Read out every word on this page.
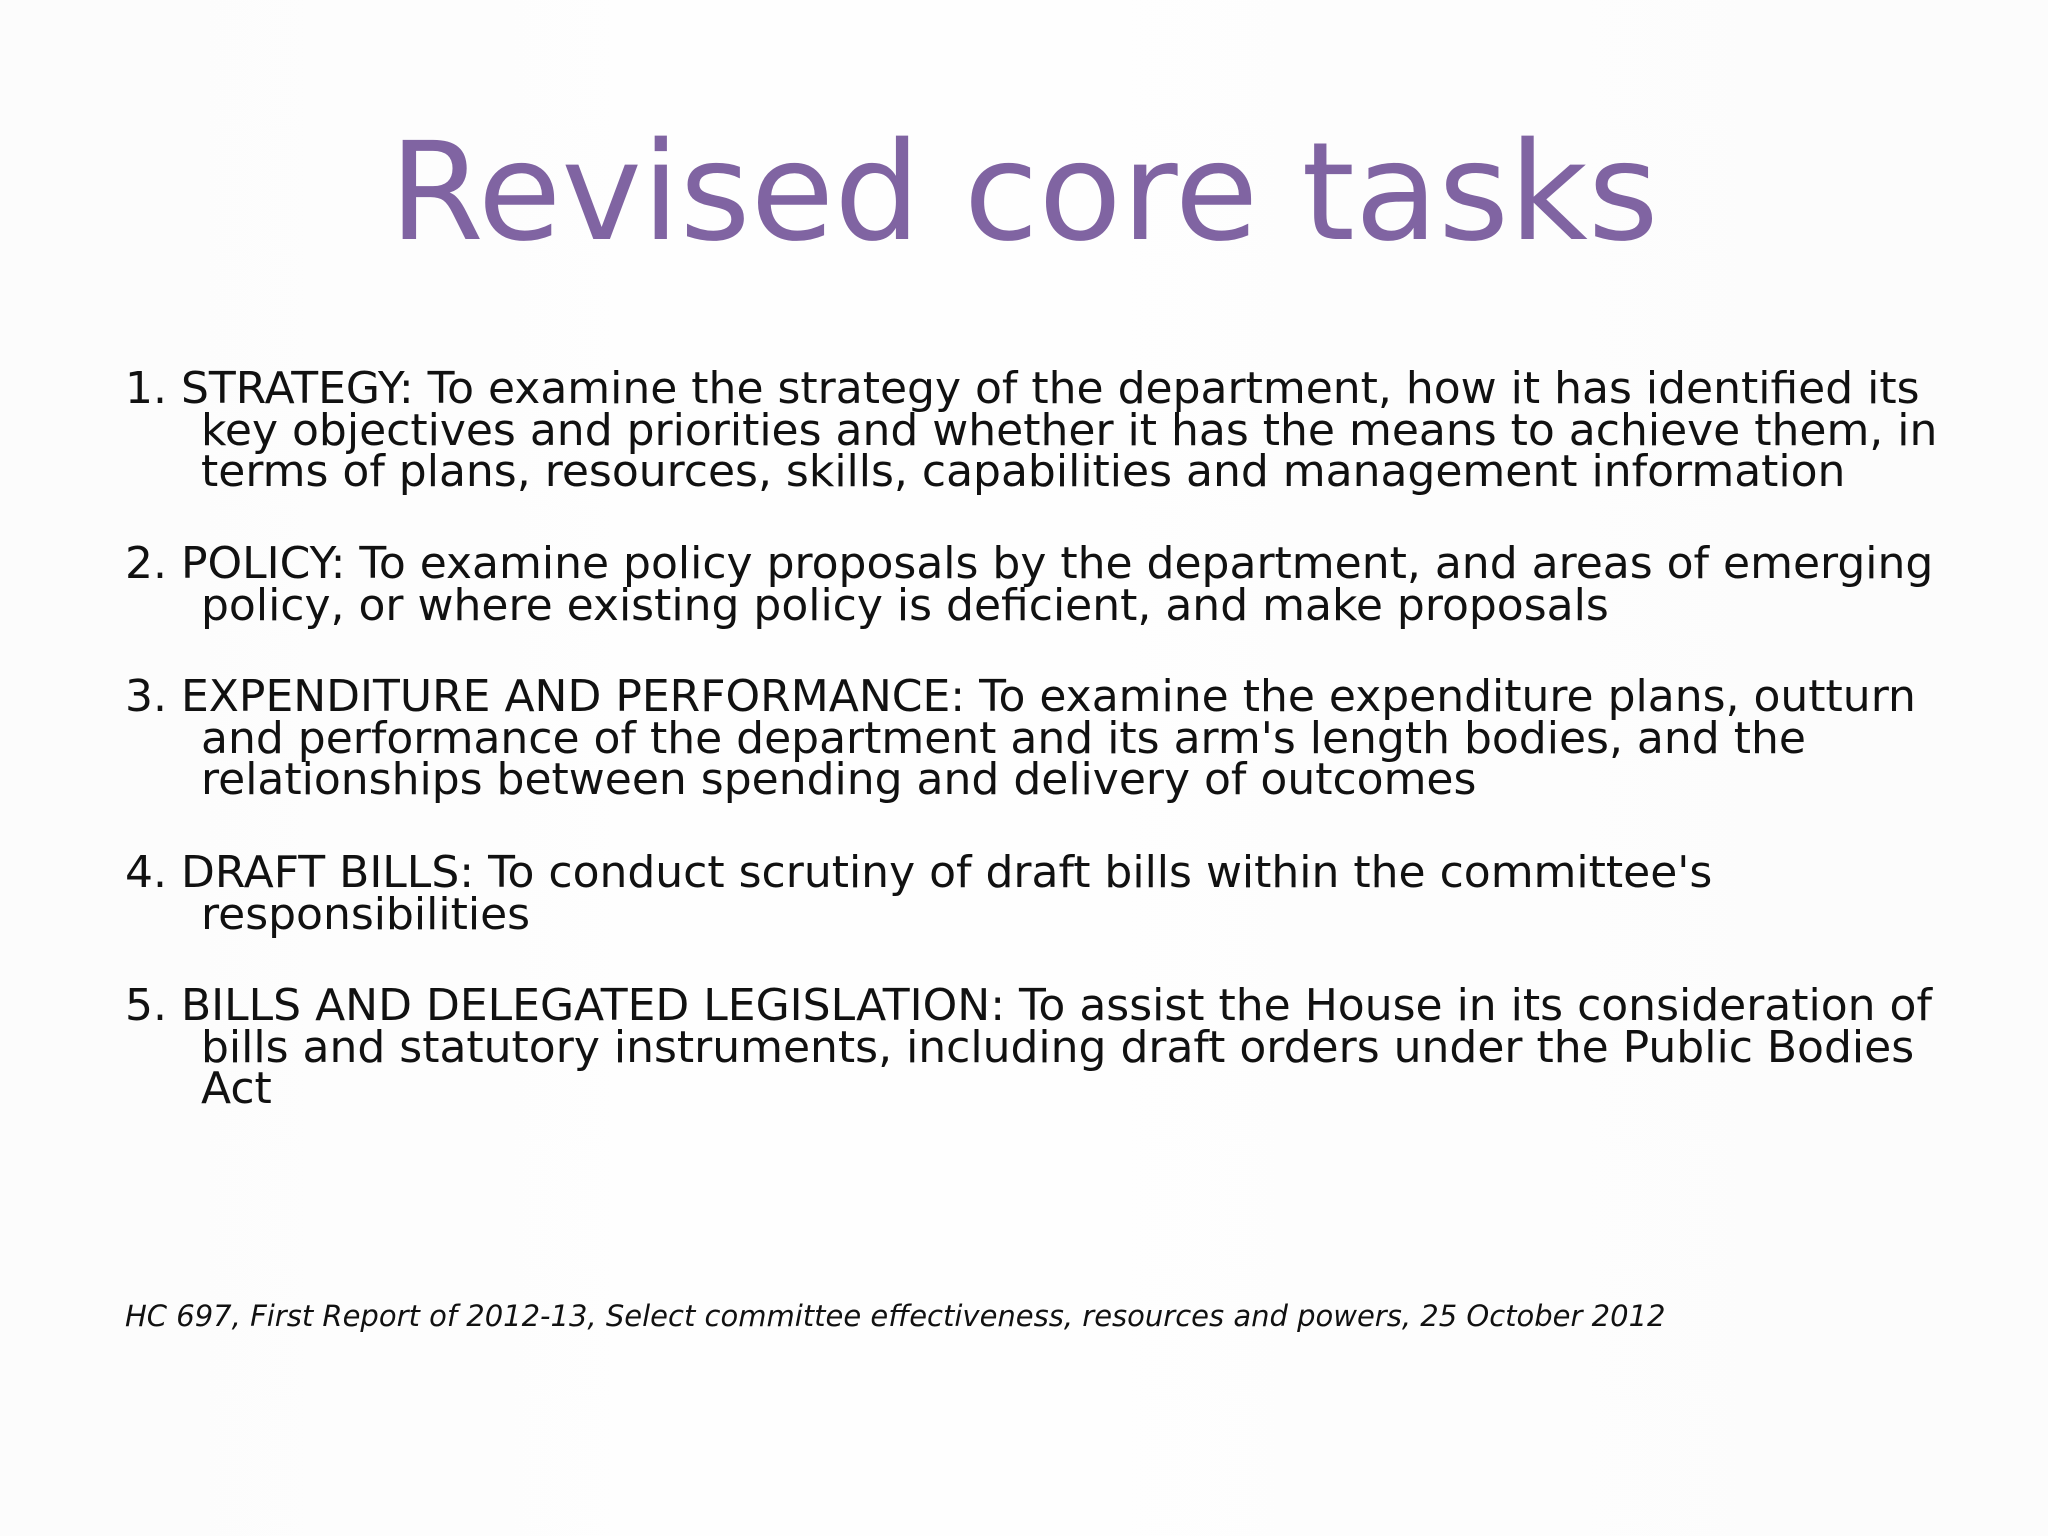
Revised core tasks
1. STRATEGY: To examine the strategy of the department, how it has identified its key objectives and priorities and whether it has the means to achieve them, in terms of plans, resources, skills, capabilities and management information
2. POLICY: To examine policy proposals by the department, and areas of emerging policy, or where existing policy is deficient, and make proposals
3. EXPENDITURE AND PERFORMANCE: To examine the expenditure plans, outturn and performance of the department and its arm's length bodies, and the relationships between spending and delivery of outcomes
4. DRAFT BILLS: To conduct scrutiny of draft bills within the committee's responsibilities
5. BILLS AND DELEGATED LEGISLATION: To assist the House in its consideration of bills and statutory instruments, including draft orders under the Public Bodies Act
HC 697, First Report of 2012-13, Select committee effectiveness, resources and powers, 25 October 2012
